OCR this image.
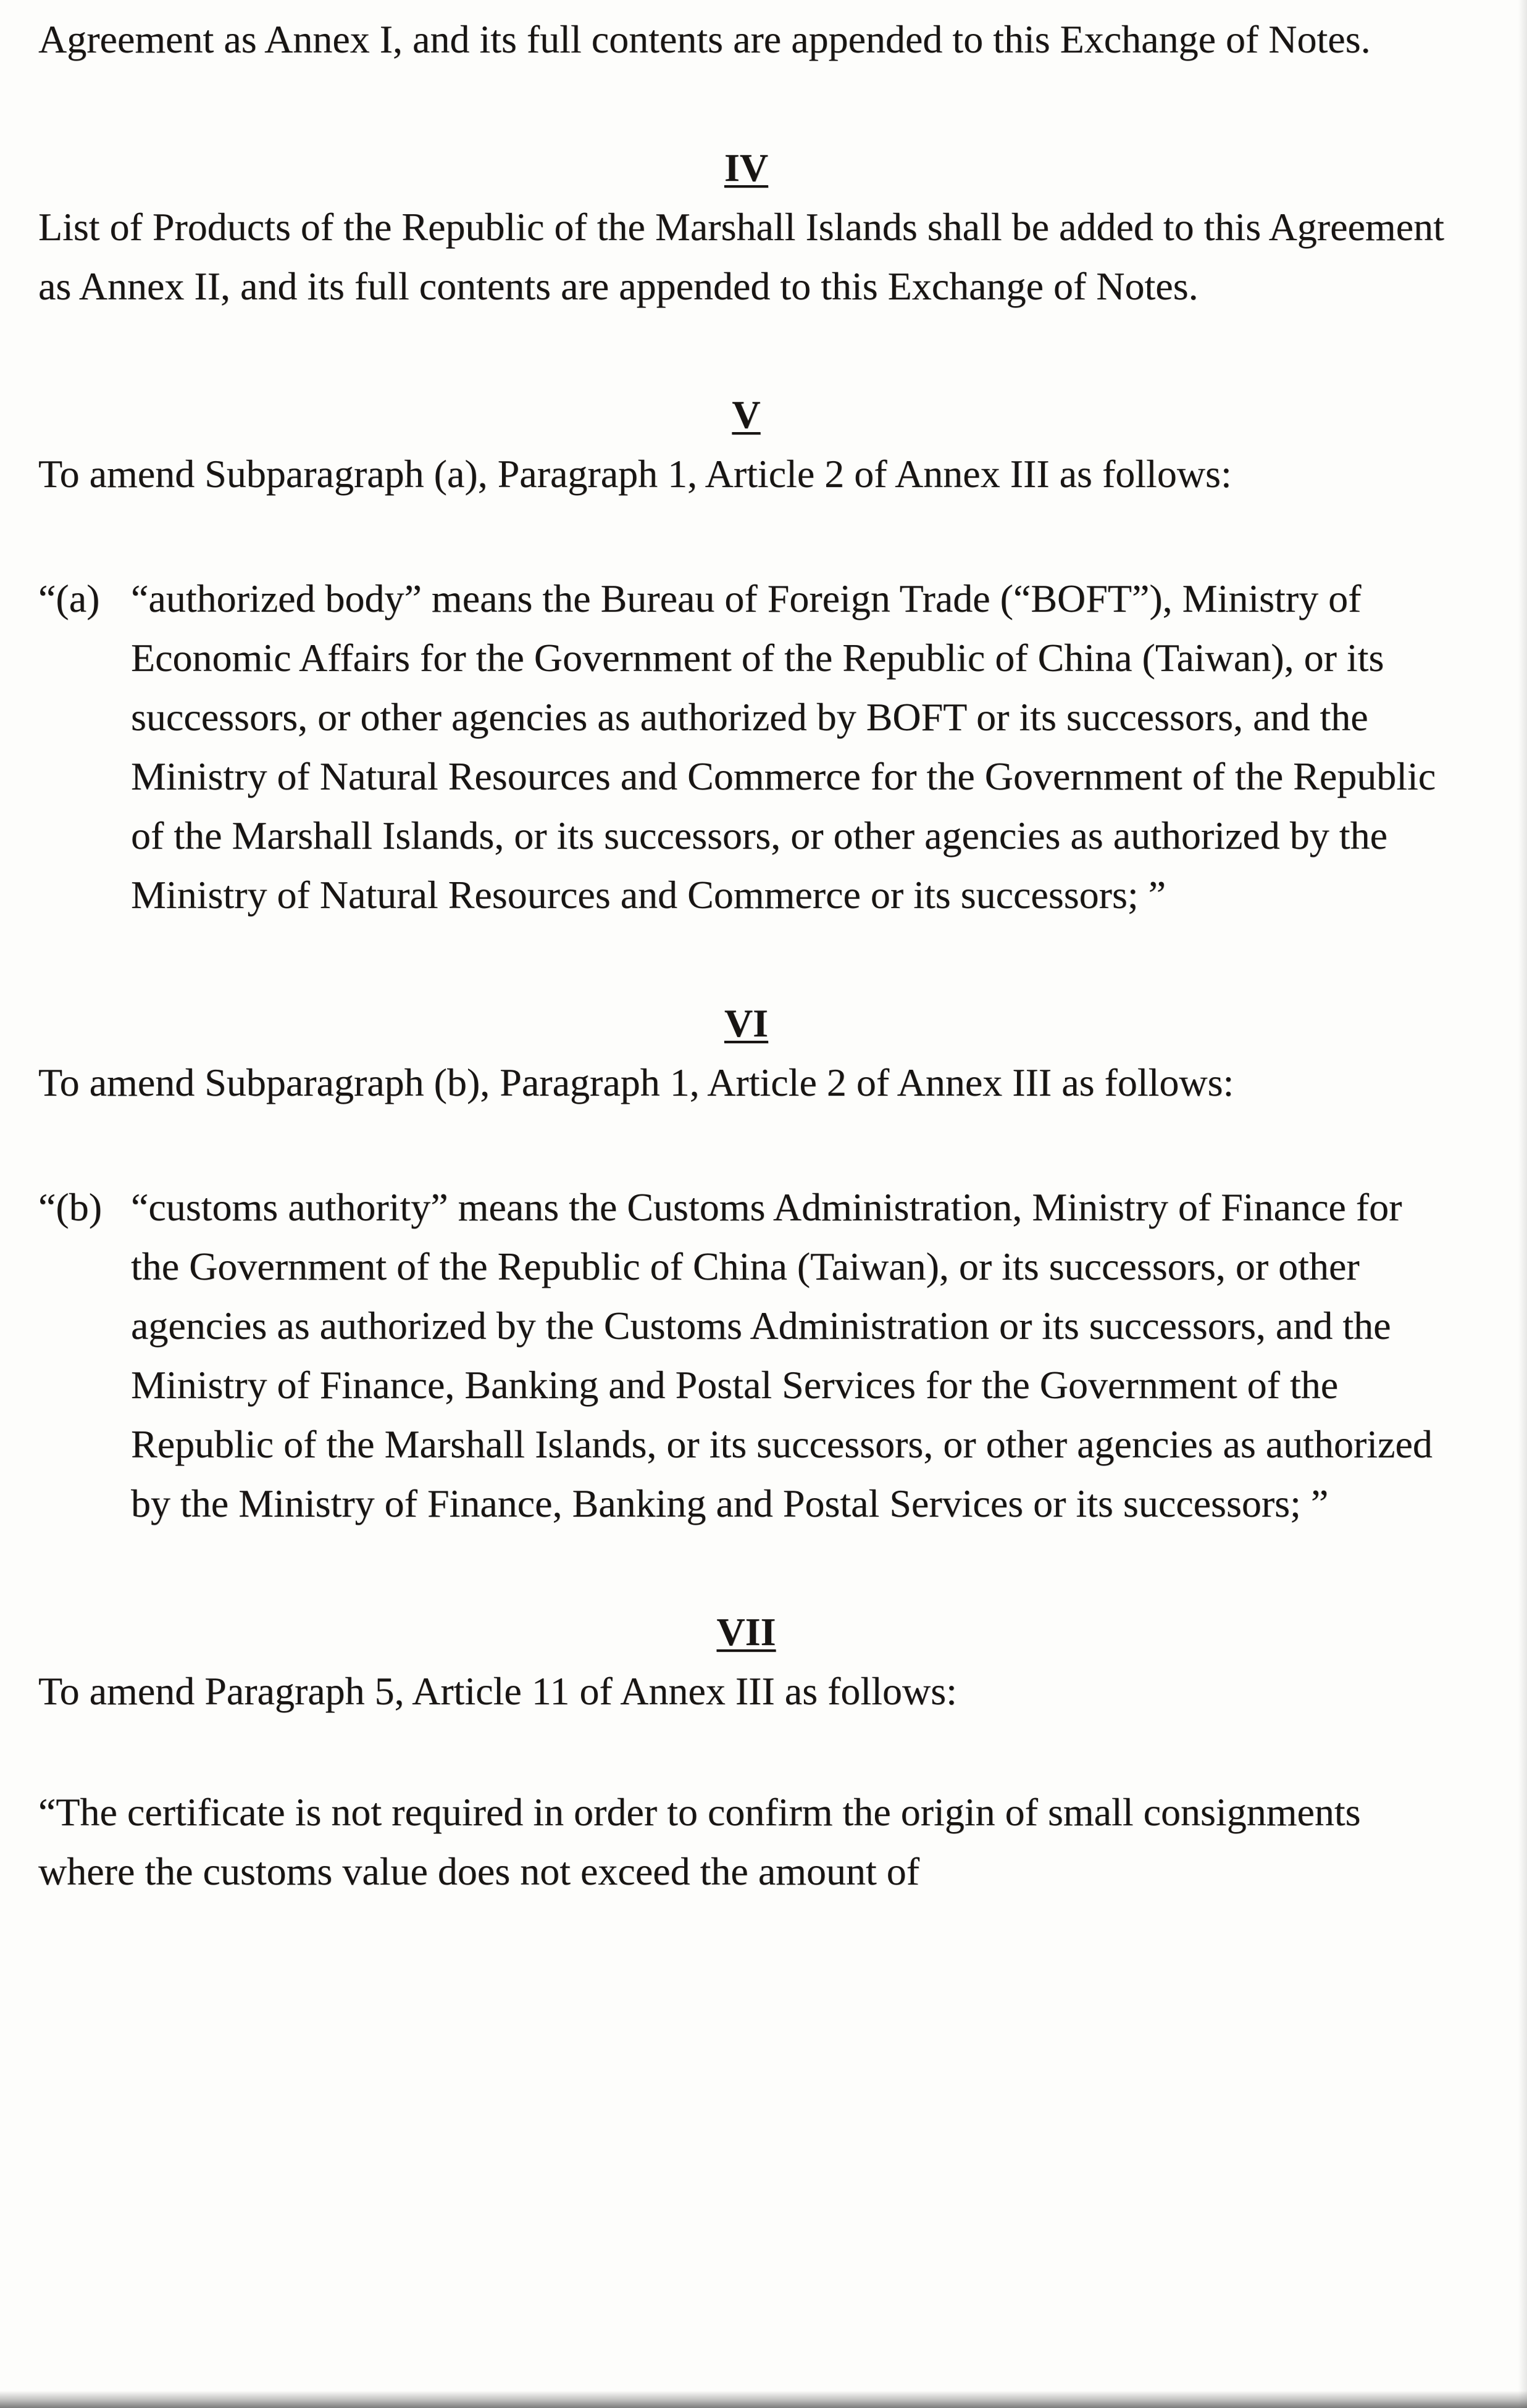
Agreement as Annex I, and its full contents are appended to this Exchange of Notes.

IV

List of Products of the Republic of the Marshall Islands shall be added to this Agreement as Annex II, and its full contents are appended to this Exchange of Notes.

V

To amend Subparagraph (a), Paragraph 1, Article 2 of Annex III as follows:

“(a) “authorized body” means the Bureau of Foreign Trade (“BOFT”), Ministry of Economic Affairs for the Government of the Republic of China (Taiwan), or its successors, or other agencies as authorized by BOFT or its successors, and the Ministry of Natural Resources and Commerce for the Government of the Republic of the Marshall Islands, or its successors, or other agencies as authorized by the Ministry of Natural Resources and Commerce or its successors; ”
VI

To amend Subparagraph (b), Paragraph 1, Article 2 of Annex III as follows:

“(b) “customs authority” means the Customs Administration, Ministry of Finance for the Government of the Republic of China (Taiwan), or its successors, or other agencies as authorized by the Customs Administration or its successors, and the Ministry of Finance, Banking and Postal Services for the Government of the Republic of the Marshall Islands, or its successors, or other agencies as authorized by the Ministry of Finance, Banking and Postal Services or its successors; ”
VII

To amend Paragraph 5, Article 11 of Annex III as follows:

“The certificate is not required in order to confirm the origin of small consignments where the customs value does not exceed the amount of
